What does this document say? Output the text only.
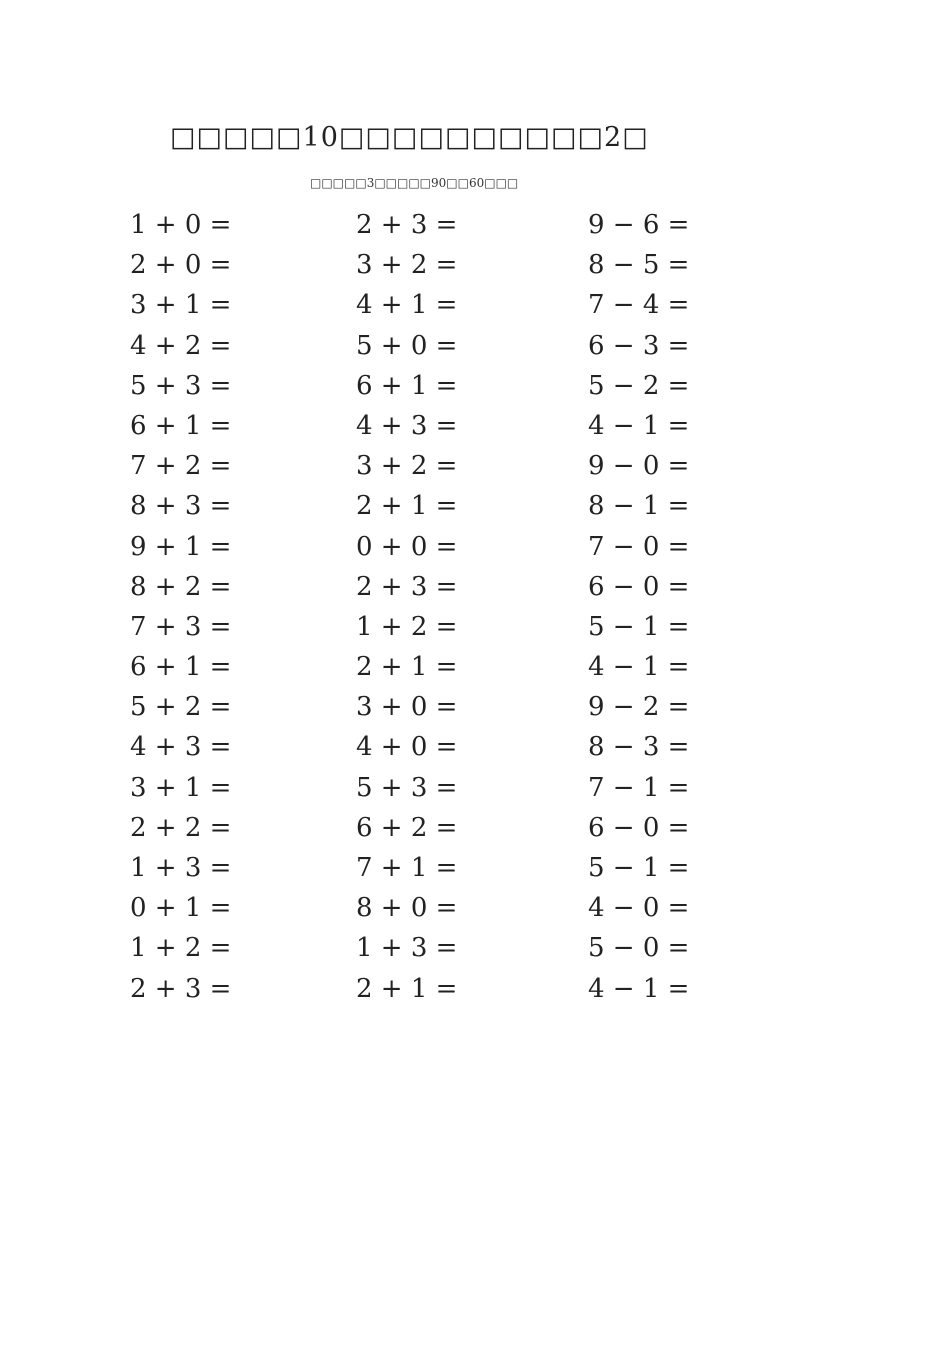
□□□□□10□□□□□□□□□□2□
□□□□□3□□□□□90□□60□□□
1 + 0 =
2 + 0 =
3 + 1 =
4 + 2 =
5 + 3 =
6 + 1 =
7 + 2 =
8 + 3 =
9 + 1 =
8 + 2 =
7 + 3 =
6 + 1 =
5 + 2 =
4 + 3 =
3 + 1 =
2 + 2 =
1 + 3 =
0 + 1 =
1 + 2 =
2 + 3 =
2 + 3 =
3 + 2 =
4 + 1 =
5 + 0 =
6 + 1 =
4 + 3 =
3 + 2 =
2 + 1 =
0 + 0 =
2 + 3 =
1 + 2 =
2 + 1 =
3 + 0 =
4 + 0 =
5 + 3 =
6 + 2 =
7 + 1 =
8 + 0 =
1 + 3 =
2 + 1 =
9 − 6 =
8 − 5 =
7 − 4 =
6 − 3 =
5 − 2 =
4 − 1 =
9 − 0 =
8 − 1 =
7 − 0 =
6 − 0 =
5 − 1 =
4 − 1 =
9 − 2 =
8 − 3 =
7 − 1 =
6 − 0 =
5 − 1 =
4 − 0 =
5 − 0 =
4 − 1 =
